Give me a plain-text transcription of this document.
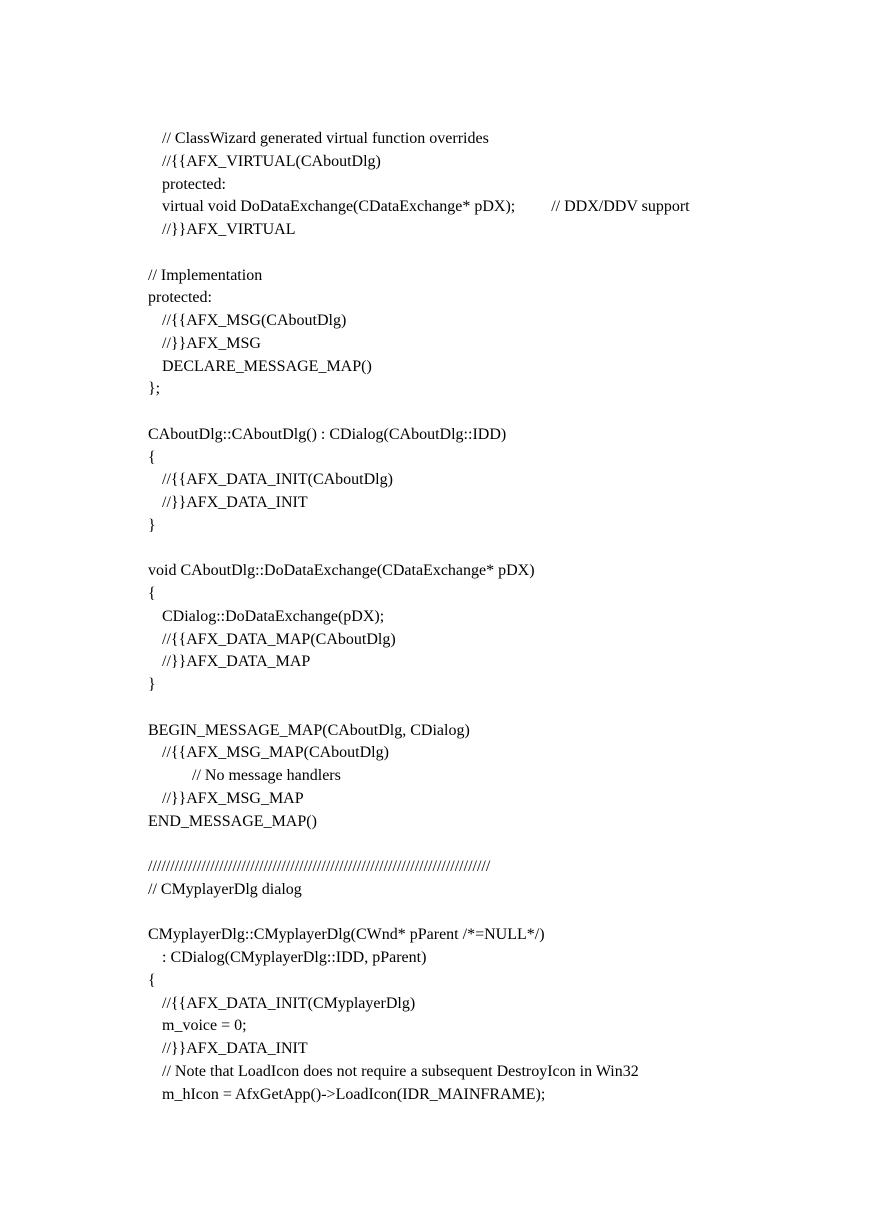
// ClassWizard generated virtual function overrides
//{{AFX_VIRTUAL(CAboutDlg)
protected:
virtual void DoDataExchange(CDataExchange* pDX); // DDX/DDV support
//}}AFX_VIRTUAL
// Implementation
protected:
//{{AFX_MSG(CAboutDlg)
//}}AFX_MSG
DECLARE_MESSAGE_MAP()
};
CAboutDlg::CAboutDlg() : CDialog(CAboutDlg::IDD)
{
//{{AFX_DATA_INIT(CAboutDlg)
//}}AFX_DATA_INIT
}
void CAboutDlg::DoDataExchange(CDataExchange* pDX)
{
CDialog::DoDataExchange(pDX);
//{{AFX_DATA_MAP(CAboutDlg)
//}}AFX_DATA_MAP
}
BEGIN_MESSAGE_MAP(CAboutDlg, CDialog)
//{{AFX_MSG_MAP(CAboutDlg)
// No message handlers
//}}AFX_MSG_MAP
END_MESSAGE_MAP()
/////////////////////////////////////////////////////////////////////////////
// CMyplayerDlg dialog
CMyplayerDlg::CMyplayerDlg(CWnd* pParent /*=NULL*/)
: CDialog(CMyplayerDlg::IDD, pParent)
{
//{{AFX_DATA_INIT(CMyplayerDlg)
m_voice = 0;
//}}AFX_DATA_INIT
// Note that LoadIcon does not require a subsequent DestroyIcon in Win32
m_hIcon = AfxGetApp()->LoadIcon(IDR_MAINFRAME);
